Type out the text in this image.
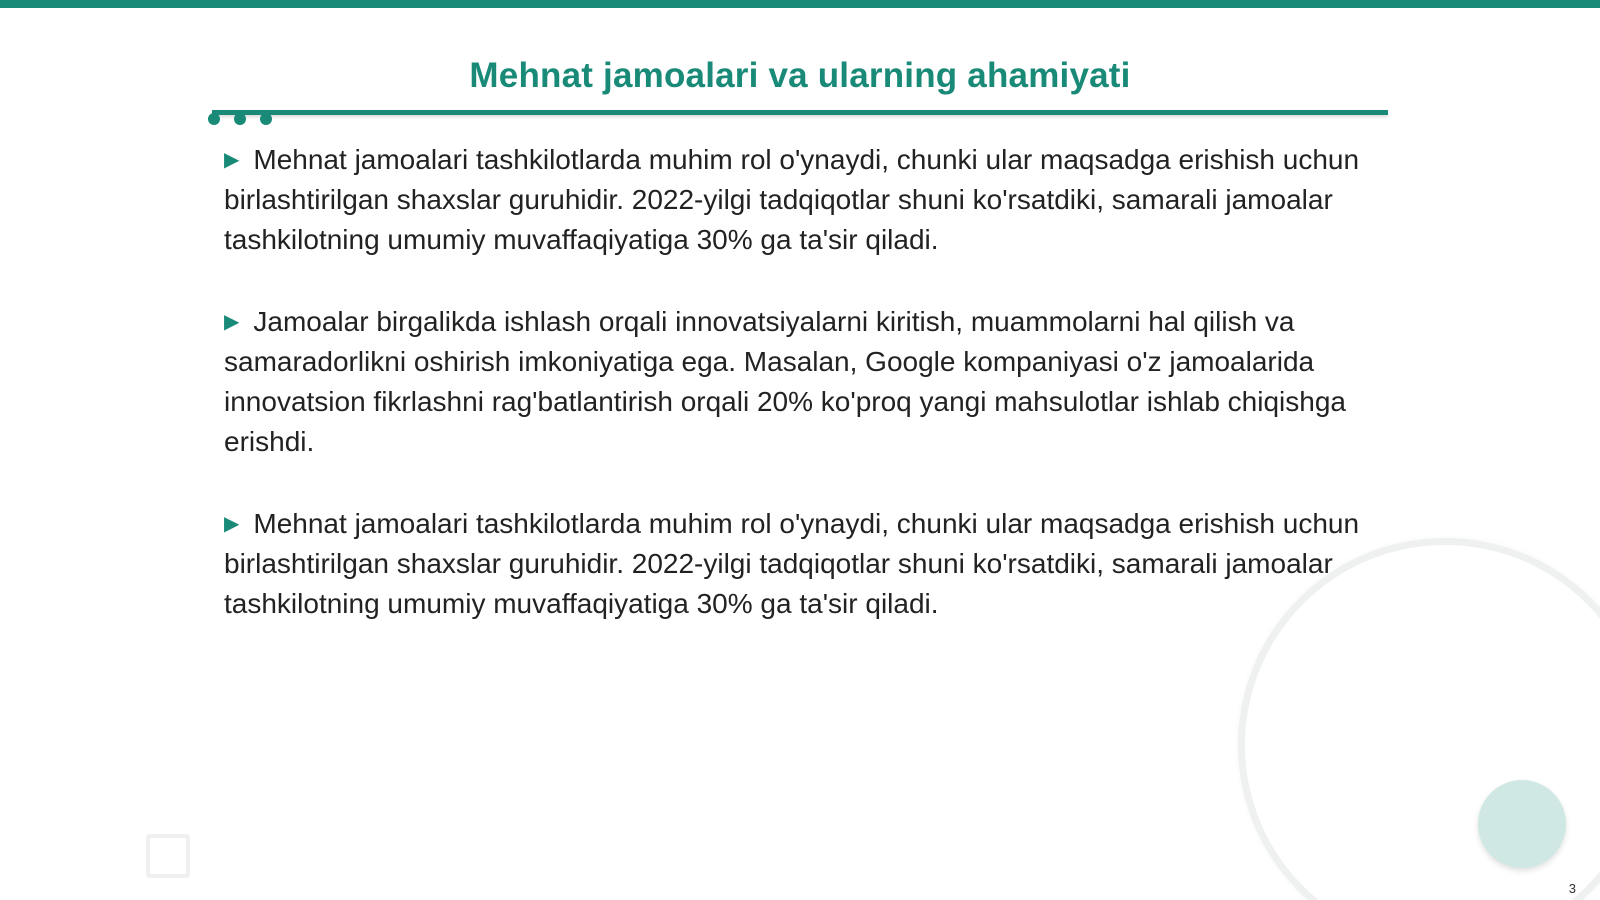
Mehnat jamoalari va ularning ahamiyati
▶ Mehnat jamoalari tashkilotlarda muhim rol o'ynaydi, chunki ular maqsadga erishish uchun birlashtirilgan shaxslar guruhidir. 2022-yilgi tadqiqotlar shuni ko'rsatdiki, samarali jamoalar tashkilotning umumiy muvaffaqiyatiga 30% ga ta'sir qiladi.
▶ Jamoalar birgalikda ishlash orqali innovatsiyalarni kiritish, muammolarni hal qilish va samaradorlikni oshirish imkoniyatiga ega. Masalan, Google kompaniyasi o'z jamoalarida innovatsion fikrlashni rag'batlantirish orqali 20% ko'proq yangi mahsulotlar ishlab chiqishga erishdi.
▶ Mehnat jamoalari tashkilotlarda muhim rol o'ynaydi, chunki ular maqsadga erishish uchun birlashtirilgan shaxslar guruhidir. 2022-yilgi tadqiqotlar shuni ko'rsatdiki, samarali jamoalar tashkilotning umumiy muvaffaqiyatiga 30% ga ta'sir qiladi.
3
